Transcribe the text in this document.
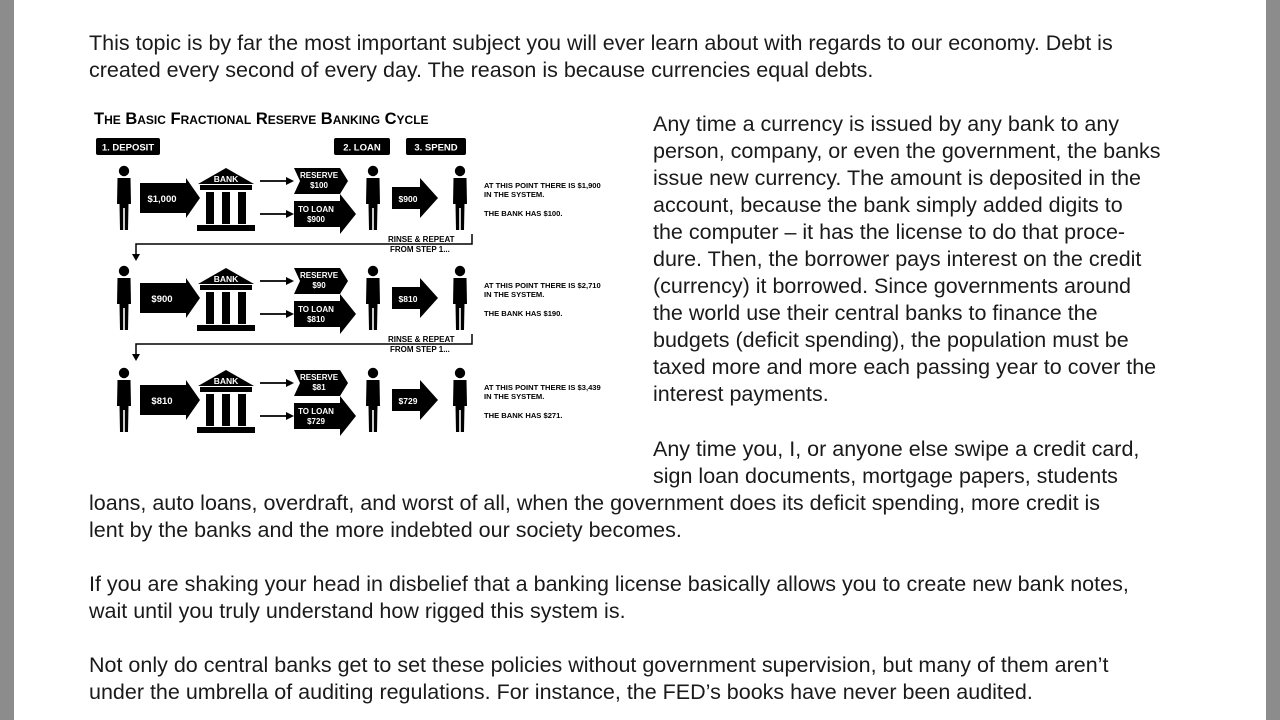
This topic is by far the most important subject you will ever learn about with regards to our economy. Debt is
created every second of every day. The reason is because currencies equal debts.
The Basic Fractional Reserve Banking Cycle
1. DEPOSIT	2. LOAN	3. SPEND
$1,000
BANK	RESERVE
$100
TO LOAN
$900
$900
AT THIS POINT THERE IS $1,900
IN THE SYSTEM.
THE BANK HAS $100.
RINSE & REPEAT
FROM STEP 1...
$900
BANK	RESERVE
$90
TO LOAN
$810
$810
AT THIS POINT THERE IS $2,710
IN THE SYSTEM.
THE BANK HAS $190.
RINSE & REPEAT
FROM STEP 1...
$810
BANK	RESERVE
$81
TO LOAN
$729
$729
AT THIS POINT THERE IS $3,439
IN THE SYSTEM.
THE BANK HAS $271.
Any time a currency is issued by any bank to any
person, company, or even the government, the banks
issue new currency. The amount is deposited in the
account, because the bank simply added digits to
the computer – it has the license to do that proce-
dure. Then, the borrower pays interest on the credit
(currency) it borrowed. Since governments around
the world use their central banks to finance the
budgets (deficit spending), the population must be
taxed more and more each passing year to cover the
interest payments.
Any time you, I, or anyone else swipe a credit card,
sign loan documents, mortgage papers, students
loans, auto loans, overdraft, and worst of all, when the government does its deficit spending, more credit is
lent by the banks and the more indebted our society becomes.
If you are shaking your head in disbelief that a banking license basically allows you to create new bank notes,
wait until you truly understand how rigged this system is.
Not only do central banks get to set these policies without government supervision, but many of them aren’t
under the umbrella of auditing regulations. For instance, the FED’s books have never been audited.
